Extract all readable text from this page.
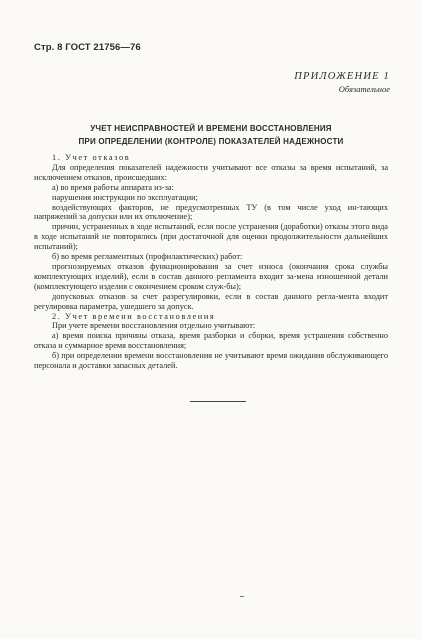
Стр. 8 ГОСТ 21756—76
ПРИЛОЖЕНИЕ 1
Обязательное
УЧЕТ НЕИСПРАВНОСТЕЙ И ВРЕМЕНИ ВОССТАНОВЛЕНИЯ
ПРИ ОПРЕДЕЛЕНИИ (КОНТРОЛЕ) ПОКАЗАТЕЛЕЙ НАДЕЖНОСТИ

1. Учет отказов

Для определения показателей надежности учитывают все отказы за время испытаний, за исключением отказов, происшедших:

а) во время работы аппарата из-за:

нарушения инструкции по эксплуатации;

воздействующих факторов, не предусмотренных ТУ (в том числе уход ин-тающих напряжений за допуски или их отключение);

причин, устраненных в ходе испытаний, если после устранения (доработки) отказы этого вида в ходе испытаний не повторялись (при достаточной для оценки продолжительности дальнейших испытаний);

б) во время регламентных (профилактических) работ:

прогнозируемых отказов функционирования за счет износа (окончания срока службы комплектующих изделий), если в состав данного регламента входит за-мена изношенной детали (комплектующего изделия с окончением сроком служ-бы);

допусковых отказов за счет разрегулировки, если в состав данного регла-мента входит регулировка параметра, ушедшего за допуск.

2. Учет времени восстановления

При учете времени восстановления отдельно учитывают:

а) время поиска причины отказа, время разборки и сборки, время устранения собственно отказа и суммарное время восстановления;

б) при определении времени восстановления не учитывают время ожидания обслуживающего персонала и доставки запасных деталей.
